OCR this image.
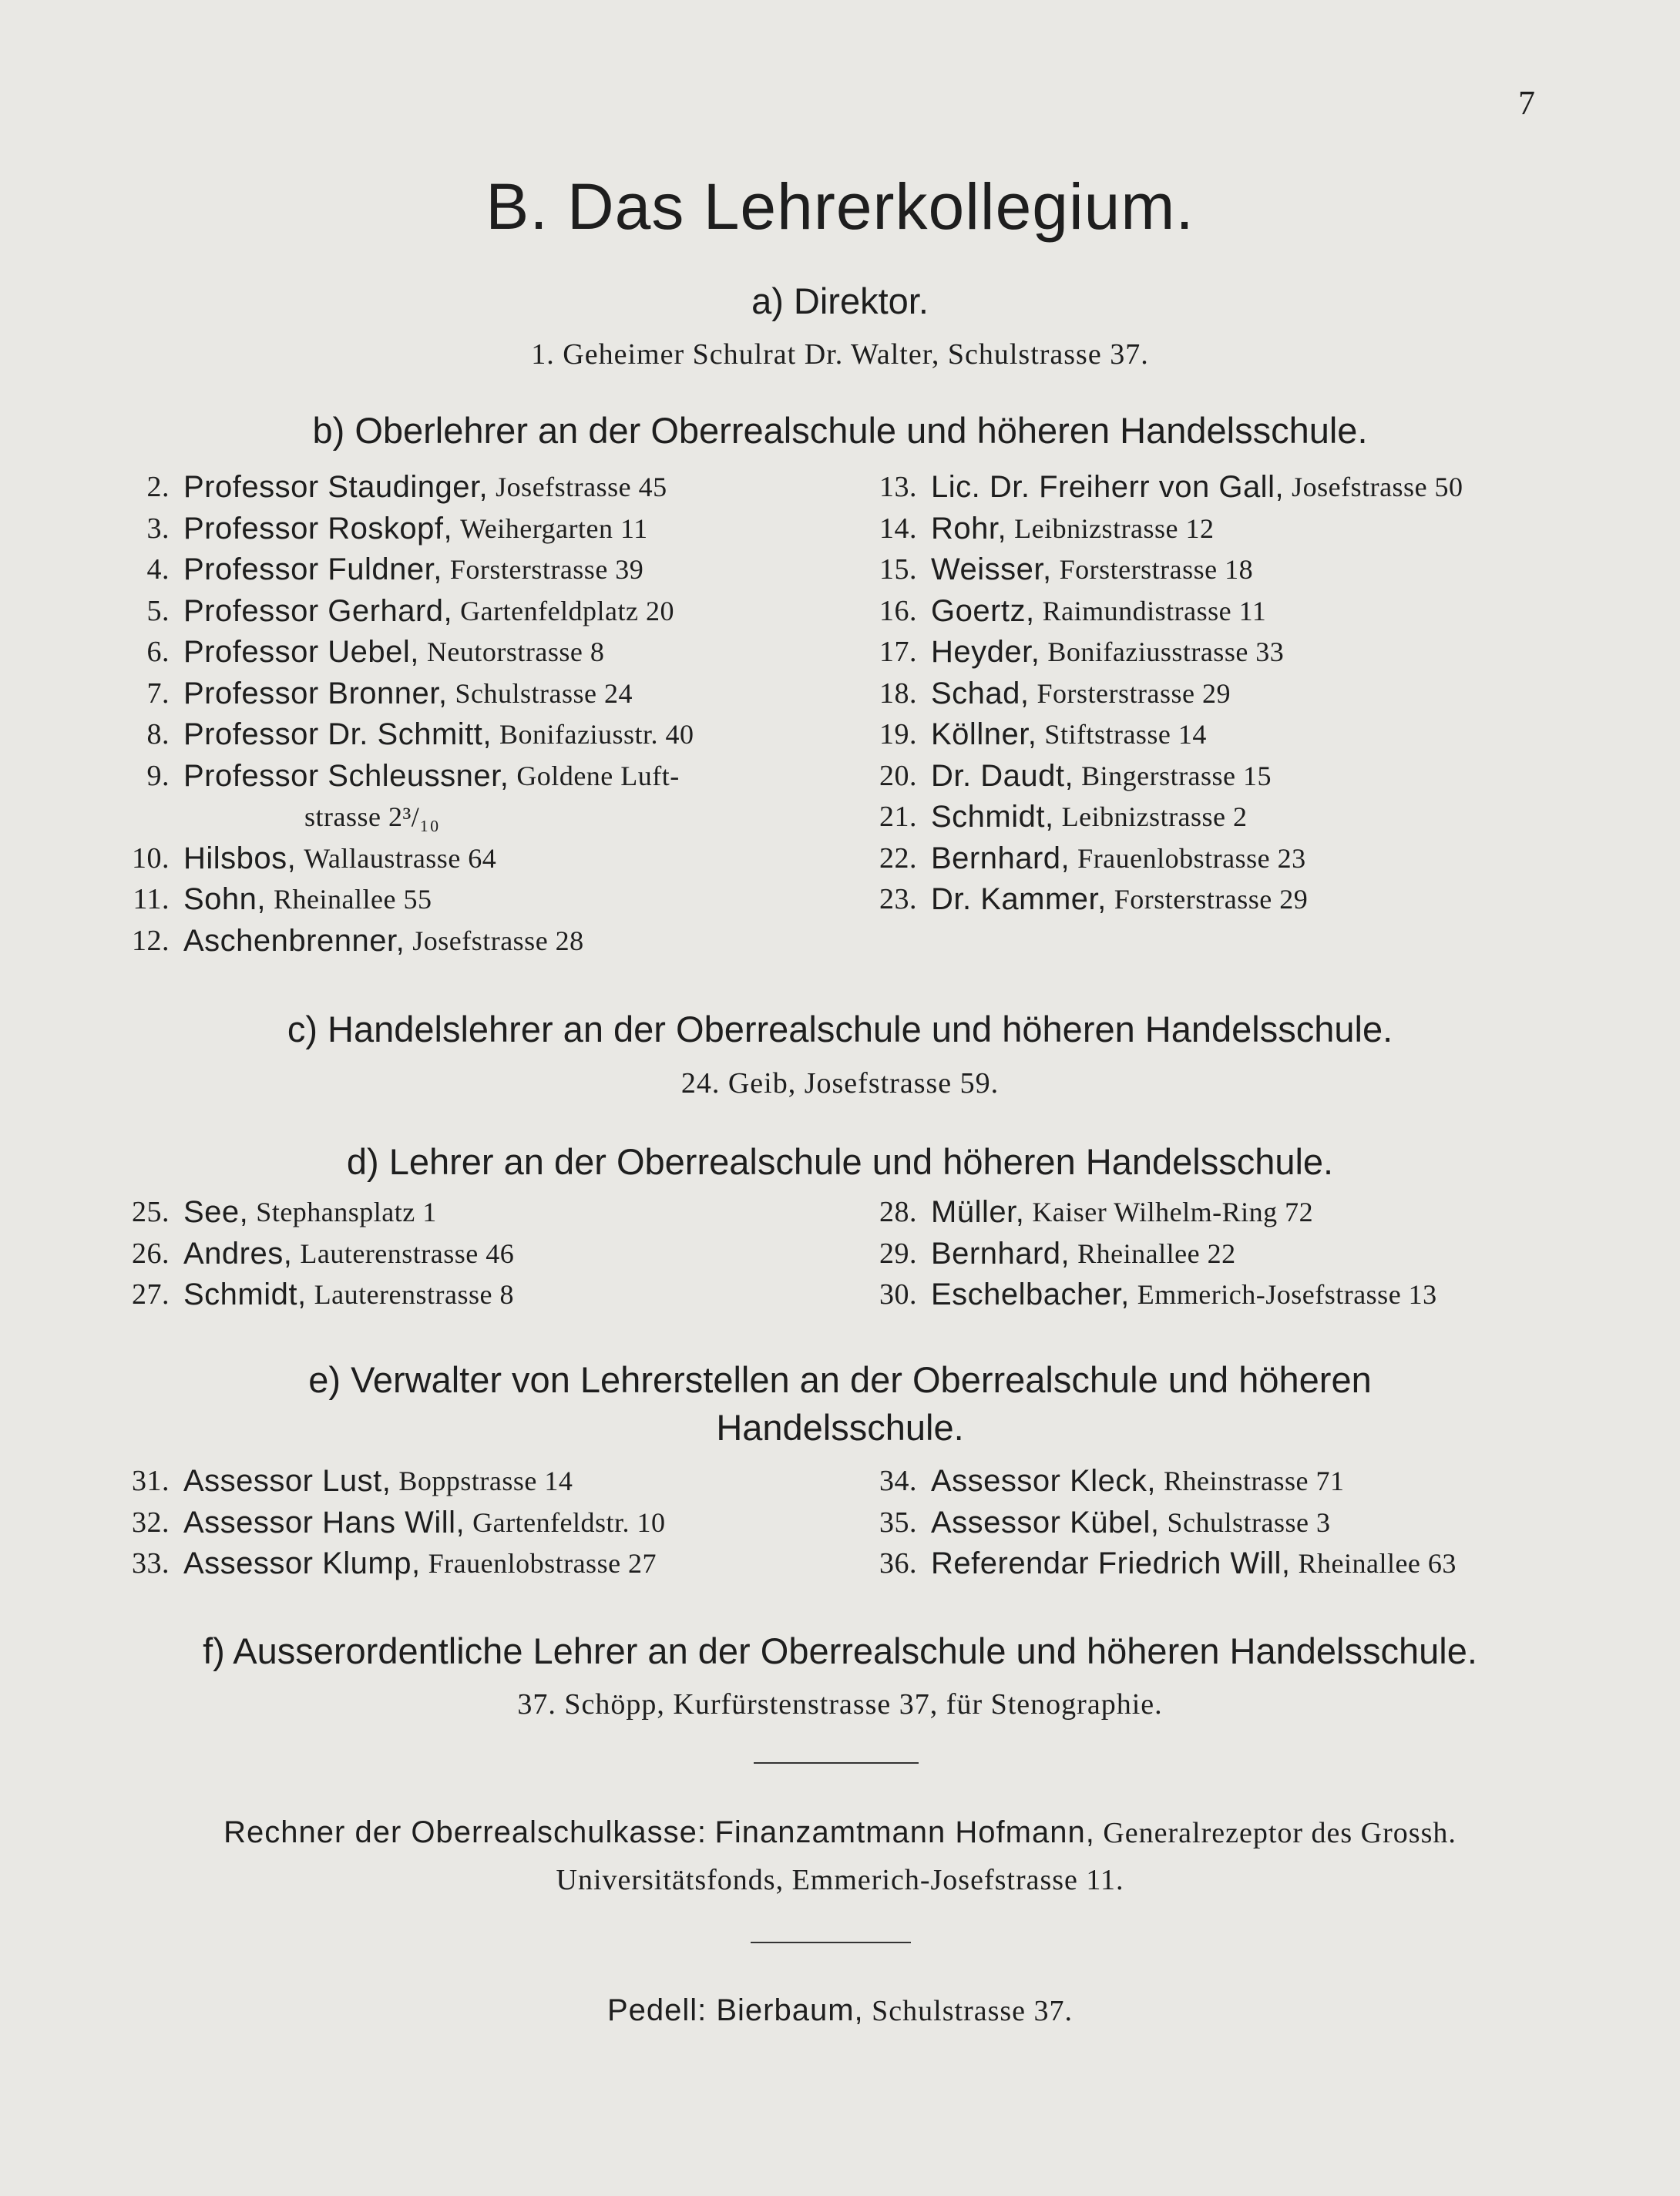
7
B. Das Lehrerkollegium.
a) Direktor.
1. Geheimer Schulrat Dr. Walter, Schulstrasse 37.
b) Oberlehrer an der Oberrealschule und höheren Handelsschule.
2. Professor Staudinger,
Josefstrasse 45
3. Professor Roskopf,
Weihergarten 11
4. Professor Fuldner,
Forsterstrasse 39
5. Professor Gerhard,
Gartenfeldplatz 20
6. Professor Uebel,
Neutorstrasse 8
7. Professor Bronner,
Schulstrasse 24
8. Professor Dr. Schmitt,
Bonifaziusstr. 40
9. Professor Schleussner,
Goldene Luft-
strasse 2³/₁₀
10. Hilsbos,
Wallaustrasse 64
11. Sohn,
Rheinallee 55
12. Aschenbrenner,
Josefstrasse 28
13. Lic. Dr. Freiherr von Gall,
Josefstrasse 50
14. Rohr,
Leibnizstrasse 12
15. Weisser,
Forsterstrasse 18
16. Goertz,
Raimundistrasse 11
17. Heyder,
Bonifaziusstrasse 33
18. Schad,
Forsterstrasse 29
19. Köllner,
Stiftstrasse 14
20. Dr. Daudt,
Bingerstrasse 15
21. Schmidt,
Leibnizstrasse 2
22. Bernhard,
Frauenlobstrasse 23
23. Dr. Kammer,
Forsterstrasse 29
c) Handelslehrer an der Oberrealschule und höheren Handelsschule.
24. Geib, Josefstrasse 59.
d) Lehrer an der Oberrealschule und höheren Handelsschule.
25. See,
Stephansplatz 1
26. Andres,
Lauterenstrasse 46
27. Schmidt,
Lauterenstrasse 8
28. Müller,
Kaiser Wilhelm-Ring 72
29. Bernhard,
Rheinallee 22
30. Eschelbacher,
Emmerich-Josefstrasse 13
e) Verwalter von Lehrerstellen an der Oberrealschule und höheren
Handelsschule.
31. Assessor Lust,
Boppstrasse 14
32. Assessor Hans Will,
Gartenfeldstr. 10
33. Assessor Klump,
Frauenlobstrasse 27
34. Assessor Kleck,
Rheinstrasse 71
35. Assessor Kübel,
Schulstrasse 3
36. Referendar Friedrich Will,
Rheinallee 63
f) Ausserordentliche Lehrer an der Oberrealschule und höheren Handelsschule.
37. Schöpp, Kurfürstenstrasse 37, für Stenographie.
Rechner der Oberrealschulkasse: Finanzamtmann Hofmann, Generalrezeptor des Grossh.
Universitätsfonds, Emmerich-Josefstrasse 11.
Pedell: Bierbaum, Schulstrasse 37.
